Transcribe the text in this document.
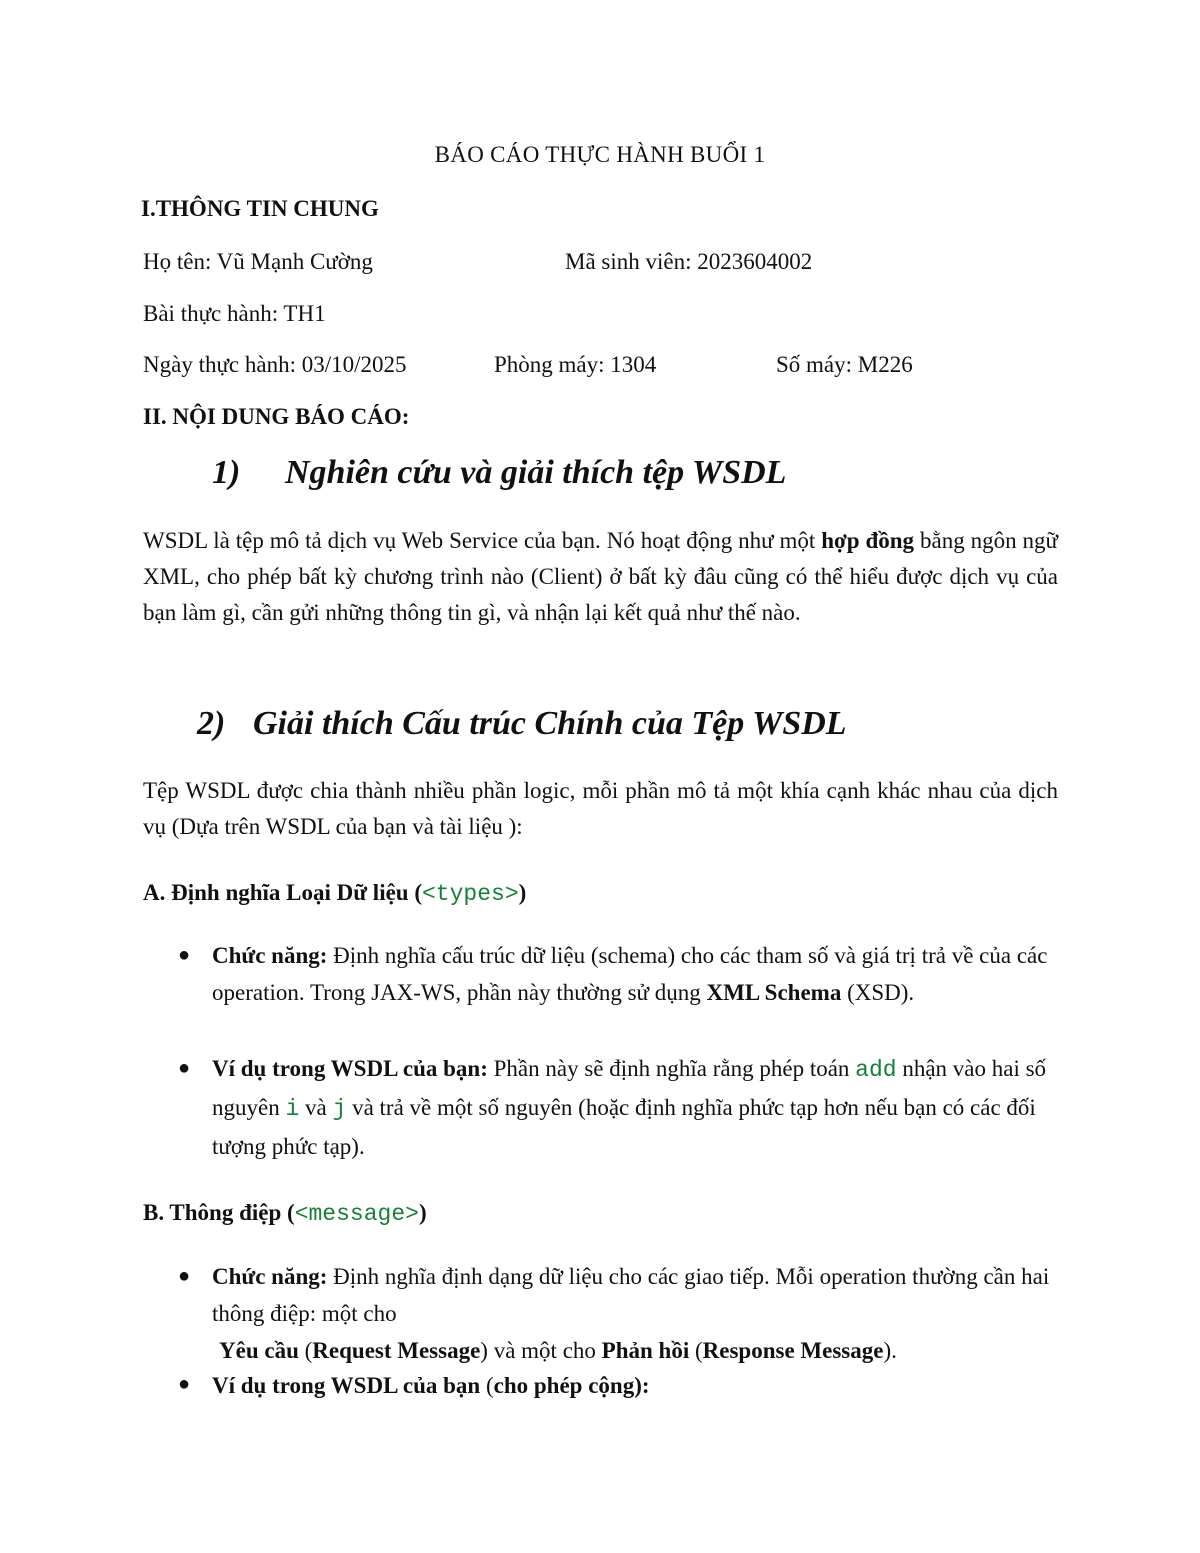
BÁO CÁO THỰC HÀNH BUỔI 1
I.THÔNG TIN CHUNG
Họ tên: Vũ Mạnh Cường	Mã sinh viên: 2023604002
Bài thực hành: TH1
Ngày thực hành: 03/10/2025	Phòng máy: 1304	Số máy: M226
II. NỘI DUNG BÁO CÁO:
1) Nghiên cứu và giải thích tệp WSDL
WSDL là tệp mô tả dịch vụ Web Service của bạn. Nó hoạt động như một hợp đồng bằng ngôn ngữ XML, cho phép bất kỳ chương trình nào (Client) ở bất kỳ đâu cũng có thể hiểu được dịch vụ của bạn làm gì, cần gửi những thông tin gì, và nhận lại kết quả như thế nào.
2) Giải thích Cấu trúc Chính của Tệp WSDL
Tệp WSDL được chia thành nhiều phần logic, mỗi phần mô tả một khía cạnh khác nhau của dịch vụ (Dựa trên WSDL của bạn và tài liệu ):
A. Định nghĩa Loại Dữ liệu (<types>)
● Chức năng: Định nghĩa cấu trúc dữ liệu (schema) cho các tham số và giá trị trả về của các operation. Trong JAX-WS, phần này thường sử dụng XML Schema (XSD).
● Ví dụ trong WSDL của bạn: Phần này sẽ định nghĩa rằng phép toán add nhận vào hai số nguyên i và j và trả về một số nguyên (hoặc định nghĩa phức tạp hơn nếu bạn có các đối tượng phức tạp).
B. Thông điệp (<message>)
● Chức năng: Định nghĩa định dạng dữ liệu cho các giao tiếp. Mỗi operation thường cần hai thông điệp: một cho
Yêu cầu (Request Message) và một cho Phản hồi (Response Message).
● Ví dụ trong WSDL của bạn (cho phép cộng):
